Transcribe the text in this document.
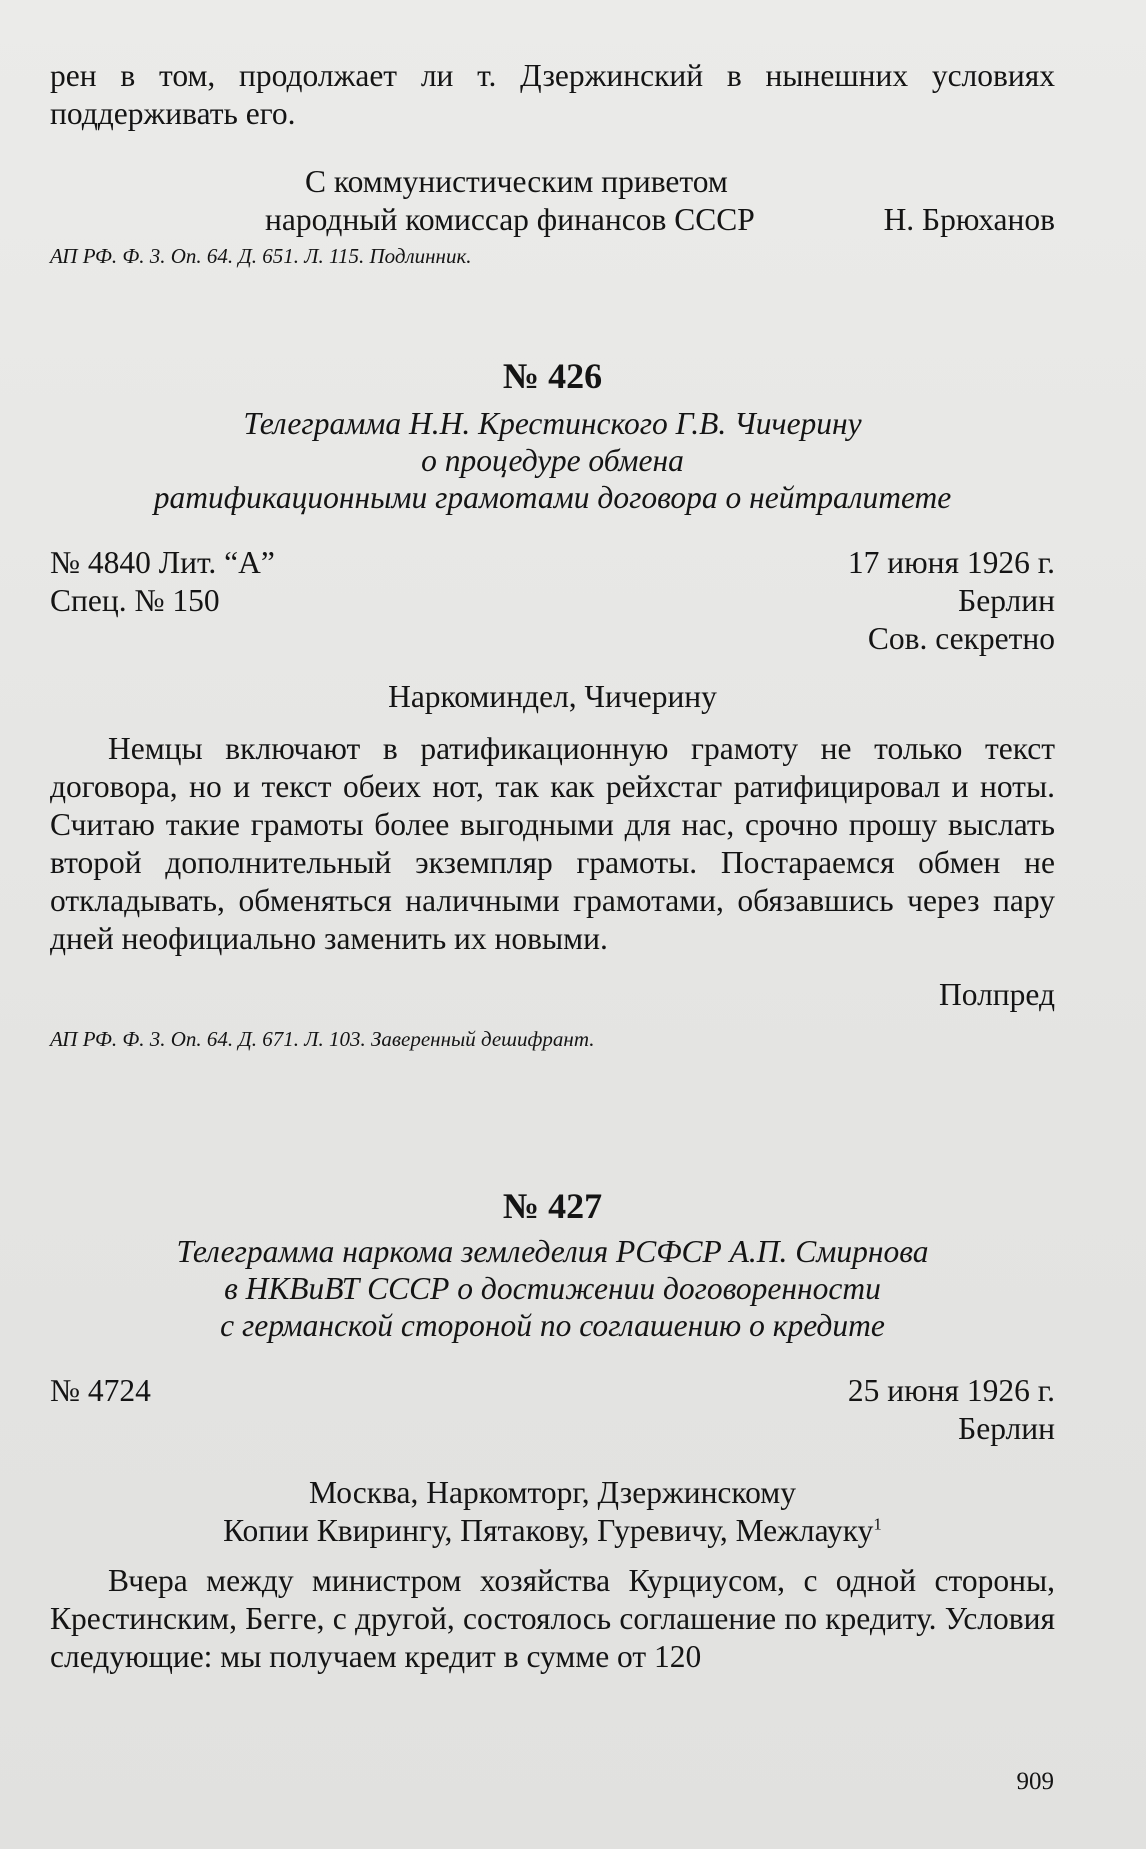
рен в том, продолжает ли т. Дзержинский в нынешних условиях поддерживать его.

С коммунистическим приветом
народный комиссар финансов СССР	Н. Брюханов

АП РФ. Ф. 3. Оп. 64. Д. 651. Л. 115. Подлинник.

№ 426

Телеграмма Н.Н. Крестинского Г.В. Чичерину

о процедуре обмена

ратификационными грамотами договора о нейтралитете

№ 4840 Лит. “А”	17 июня 1926 г.
Спец. № 150	Берлин
Сов. секретно
Наркоминдел, Чичерину

Немцы включают в ратификационную грамоту не только текст договора, но и текст обеих нот, так как рейхстаг ратифицировал и ноты. Считаю такие грамоты более выгодными для нас, срочно прошу выслать второй дополнительный экземпляр грамоты. Постараемся обмен не откладывать, обменяться наличными грамотами, обязавшись через пару дней неофициально заменить их новыми.

Полпред

АП РФ. Ф. 3. Оп. 64. Д. 671. Л. 103. Заверенный дешифрант.

№ 427

Телеграмма наркома земледелия РСФСР А.П. Смирнова

в НКВиВТ СССР о достижении договоренности

с германской стороной по соглашению о кредите

№ 4724	25 июня 1926 г.
Берлин
Москва, Наркомторг, Дзержинскому
Копии Квирингу, Пятакову, Гуревичу, Межлауку$^1$

Вчера между министром хозяйства Курциусом, с одной стороны, Крестинским, Бегге, с другой, состоялось соглашение по кредиту. Условия следующие: мы получаем кредит в сумме от 120

909
